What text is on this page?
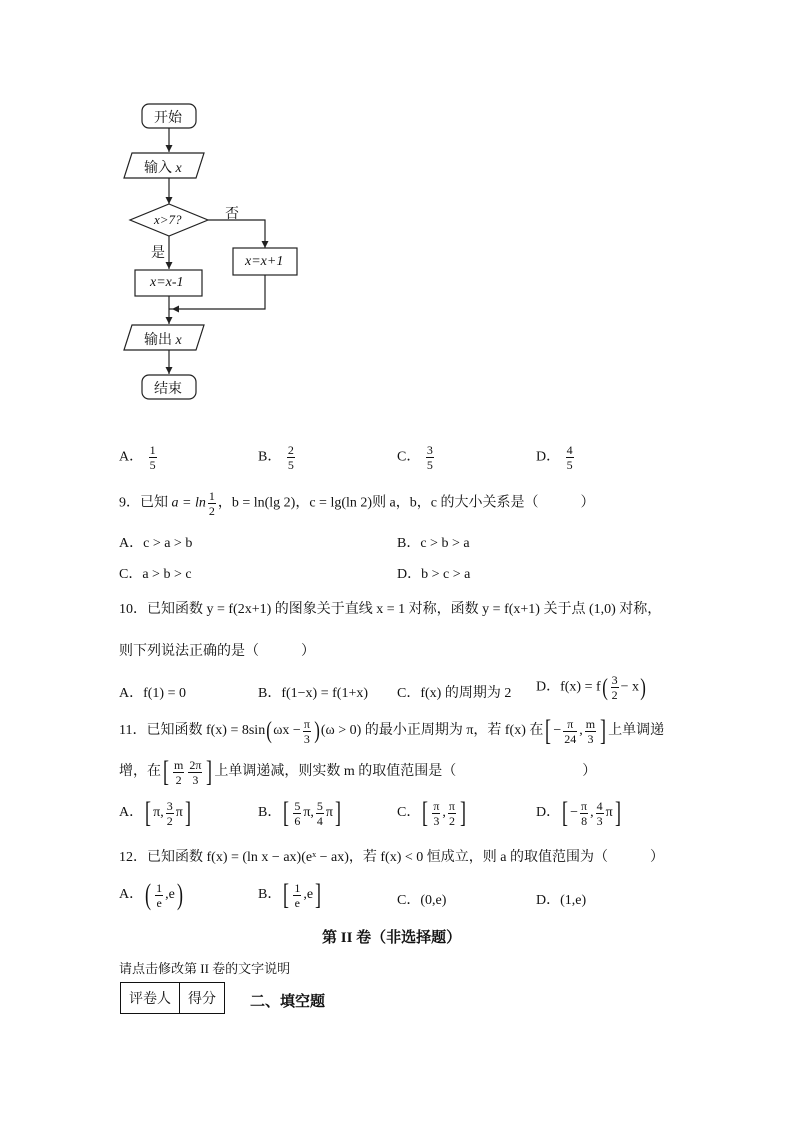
开始
输入 x
x>7?	否
是
x=x+1
x=x-1
输出 x
结束
A． $\frac{1}{5}$	B． $\frac{2}{5}$	C． $\frac{3}{5}$	D． $\frac{4}{5}$
9．已知 $a = \ln \frac{1}{2}$ ，b = ln(lg 2)，c = lg(ln 2)则 a，b，c 的大小关系是（　　　）
A．c > a > b	B．c > b > a
C．a > b > c	D．b > c > a
10．已知函数 y = f(2x+1) 的图象关于直线 x = 1 对称，函数 y = f(x+1) 关于点 (1,0) 对称，
则下列说法正确的是（　　　）
A．f(1) = 0	B．f(1−x) = f(1+x) C．f(x) 的周期为 2 D．$f(x) = f( \frac{3}{2} - x)$
11．已知函数 $f(x) = 8\sin(\omega x - \frac{\pi}{3} )(\omega > 0)$ 的最小正周期为 π，若 f(x) 在[ − $\frac{\pi}{24}$ , $\frac{m}{3}$ ] 上单调递
增，在[ $\frac{m}{2} \frac{2\pi}{3}$ ] 上单调递减，则实数 m 的取值范围是（　　　　　　　　　）
A．[ π, $\frac{3}{2} \pi$]	B．[ $\frac{5}{6} \pi$, $\frac{5}{4} \pi$]	C．[ $\frac{\pi}{3}$ , $\frac{\pi}{2}$ ]	D．[ − $\frac{\pi}{8}$ , $\frac{4}{3} \pi$]
12．已知函数 f(x) = (ln x − ax)(eˣ − ax)，若 f(x) < 0 恒成立，则 a 的取值范围为（　　　）
A．( $\frac{1}{e} ,e$)	B．[ $\frac{1}{e} ,e$]	C．(0,e)	D．(1,e)
第 II 卷（非选择题）
请点击修改第 II 卷的文字说明
评卷人	得分 二、填空题
